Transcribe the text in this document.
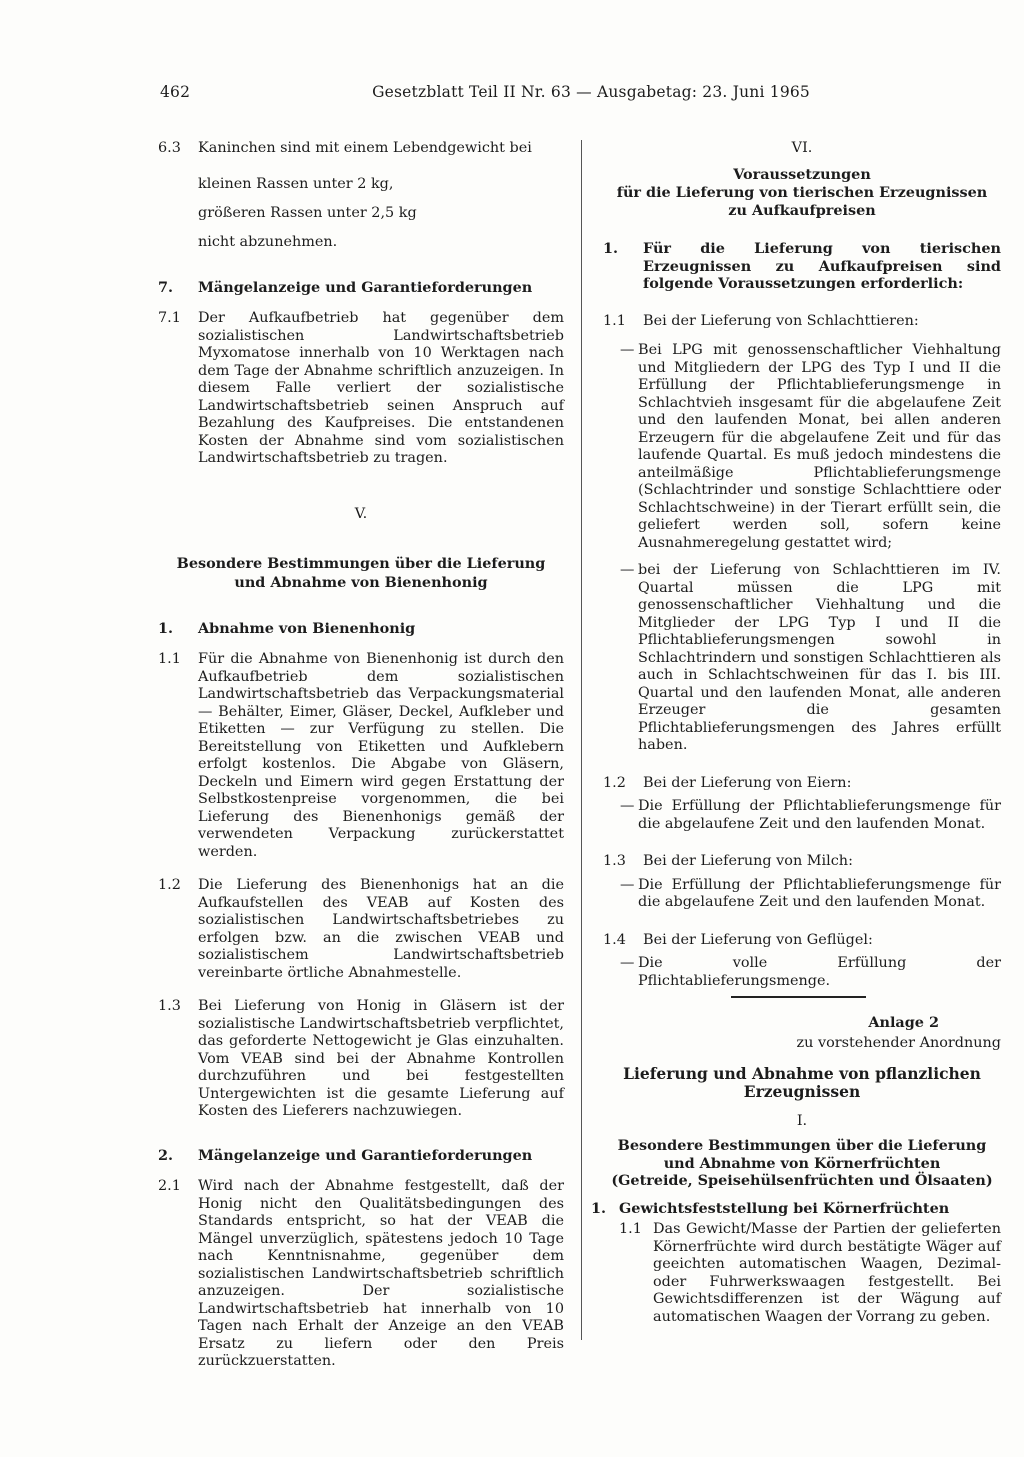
462	Gesetzblatt Teil II Nr. 63 — Ausgabetag: 23. Juni 1965
6.3	Kaninchen sind mit einem Lebendgewicht bei
kleinen Rassen unter 2 kg,
größeren Rassen unter 2,5 kg
nicht abzunehmen.
7.	Mängelanzeige und Garantieforderungen
7.1	Der Aufkaufbetrieb hat gegenüber dem sozialistischen Landwirtschaftsbetrieb Myxomatose innerhalb von 10 Werktagen nach dem Tage der Abnahme schriftlich anzuzeigen. In diesem Falle verliert der sozialistische Landwirtschaftsbetrieb seinen Anspruch auf Bezahlung des Kaufpreises. Die entstandenen Kosten der Abnahme sind vom sozialistischen Landwirtschaftsbetrieb zu tragen.
V.
Besondere Bestimmungen über die Lieferung
und Abnahme von Bienenhonig
1.	Abnahme von Bienenhonig
1.1	Für die Abnahme von Bienenhonig ist durch den Aufkaufbetrieb dem sozialistischen Landwirtschaftsbetrieb das Verpackungsmaterial — Behälter, Eimer, Gläser, Deckel, Aufkleber und Etiketten — zur Verfügung zu stellen. Die Bereitstellung von Etiketten und Aufklebern erfolgt kostenlos. Die Abgabe von Gläsern, Deckeln und Eimern wird gegen Erstattung der Selbstkostenpreise vorgenommen, die bei Lieferung des Bienenhonigs gemäß der verwendeten Verpackung zurückerstattet werden.
1.2	Die Lieferung des Bienenhonigs hat an die Aufkaufstellen des VEAB auf Kosten des sozialistischen Landwirtschaftsbetriebes zu erfolgen bzw. an die zwischen VEAB und sozialistischem Landwirtschaftsbetrieb vereinbarte örtliche Abnahmestelle.
1.3	Bei Lieferung von Honig in Gläsern ist der sozialistische Landwirtschaftsbetrieb verpflichtet, das geforderte Nettogewicht je Glas einzuhalten. Vom VEAB sind bei der Abnahme Kontrollen durchzuführen und bei festgestellten Untergewichten ist die gesamte Lieferung auf Kosten des Lieferers nachzuwiegen.
2.	Mängelanzeige und Garantieforderungen
2.1	Wird nach der Abnahme festgestellt, daß der Honig nicht den Qualitätsbedingungen des Standards entspricht, so hat der VEAB die Mängel unverzüglich, spätestens jedoch 10 Tage nach Kenntnisnahme, gegenüber dem sozialistischen Landwirtschaftsbetrieb schriftlich anzuzeigen. Der sozialistische Landwirtschaftsbetrieb hat innerhalb von 10 Tagen nach Erhalt der Anzeige an den VEAB Ersatz zu liefern oder den Preis zurückzuerstatten.
VI.
Voraussetzungen
für die Lieferung von tierischen Erzeugnissen
zu Aufkaufpreisen
1.	Für die Lieferung von tierischen Erzeugnissen zu Aufkaufpreisen sind folgende Voraussetzungen erforderlich:
1.1	Bei der Lieferung von Schlachttieren:
— Bei LPG mit genossenschaftlicher Viehhaltung und Mitgliedern der LPG des Typ I und II die Erfüllung der Pflichtablieferungsmenge in Schlachtvieh insgesamt für die abgelaufene Zeit und den laufenden Monat, bei allen anderen Erzeugern für die abgelaufene Zeit und für das laufende Quartal. Es muß jedoch mindestens die anteilmäßige Pflichtablieferungsmenge (Schlachtrinder und sonstige Schlachttiere oder Schlachtschweine) in der Tierart erfüllt sein, die geliefert werden soll, sofern keine Ausnahmeregelung gestattet wird;
— bei der Lieferung von Schlachttieren im IV. Quartal müssen die LPG mit genossenschaftlicher Viehhaltung und die Mitglieder der LPG Typ I und II die Pflichtablieferungsmengen sowohl in Schlachtrindern und sonstigen Schlachttieren als auch in Schlachtschweinen für das I. bis III. Quartal und den laufenden Monat, alle anderen Erzeuger die gesamten Pflichtablieferungsmengen des Jahres erfüllt haben.
1.2	Bei der Lieferung von Eiern:
— Die Erfüllung der Pflichtablieferungsmenge für die abgelaufene Zeit und den laufenden Monat.
1.3	Bei der Lieferung von Milch:
— Die Erfüllung der Pflichtablieferungsmenge für die abgelaufene Zeit und den laufenden Monat.
1.4	Bei der Lieferung von Geflügel:
— Die volle Erfüllung der Pflichtablieferungsmenge.
Anlage 2
zu vorstehender Anordnung
Lieferung und Abnahme von pflanzlichen
Erzeugnissen
I.
Besondere Bestimmungen über die Lieferung
und Abnahme von Körnerfrüchten
(Getreide, Speisehülsenfrüchten und Ölsaaten)
1. Gewichtsfeststellung bei Körnerfrüchten
1.1 Das Gewicht/Masse der Partien der gelieferten Körnerfrüchte wird durch bestätigte Wäger auf geeichten automatischen Waagen, Dezimal- oder Fuhrwerkswaagen festgestellt. Bei Gewichtsdifferenzen ist der Wägung auf automatischen Waagen der Vorrang zu geben.
